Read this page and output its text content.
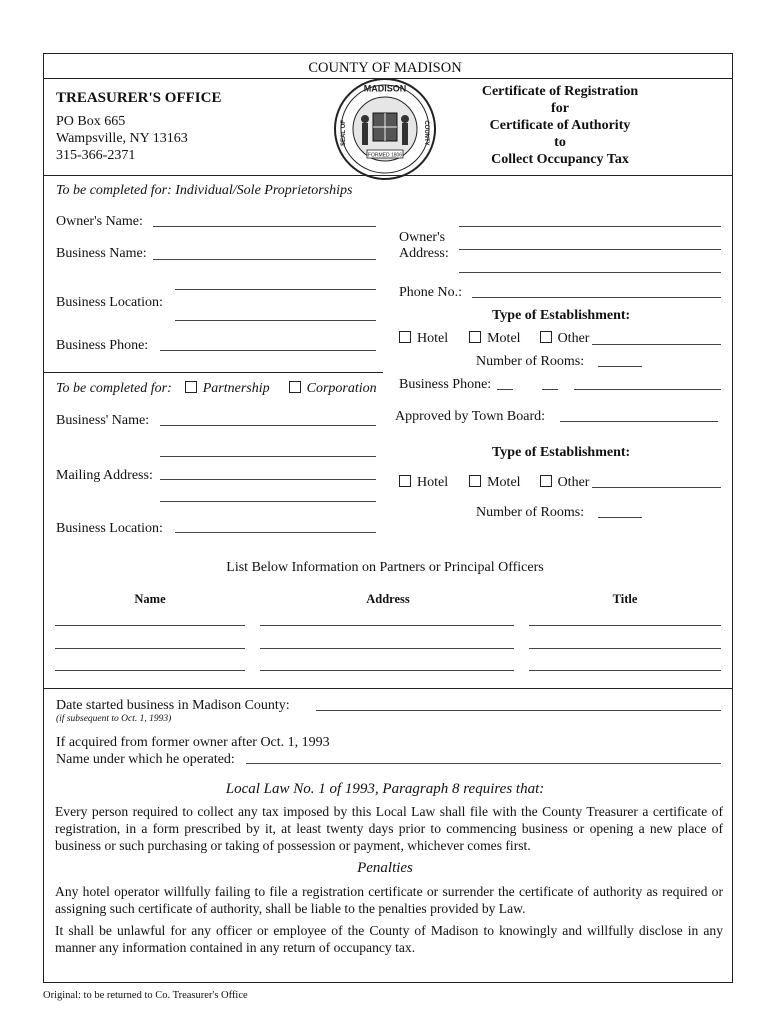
COUNTY OF MADISON
TREASURER'S OFFICE
PO Box 665
Wampsville, NY 13163
315-366-2371
MADISON
SEAL OF	COUNTY
FORMED 1806
Certificate of Registration
for
Certificate of Authority
to
Collect Occupancy Tax
To be completed for: Individual/Sole Proprietorships
Owner's Name:
Business Name:
Business Location:
Business Phone:
Owner's
Address:
Phone No.:
Type of Establishment:
Hotel	Motel	Other
Number of Rooms:
To be completed for: Partnership	Corporation
Business' Name:
Mailing Address:
Business Location:
Business Phone:
Approved by Town Board:
Type of Establishment:
Hotel	Motel	Other
Number of Rooms:
List Below Information on Partners or Principal Officers
Name	Address	Title
Date started business in Madison County:
(if subsequent to Oct. 1, 1993)
If acquired from former owner after Oct. 1, 1993
Name under which he operated:
Local Law No. 1 of 1993, Paragraph 8 requires that:
Every person required to collect any tax imposed by this Local Law shall file with the County Treasurer a certificate of registration, in a form prescribed by it, at least twenty days prior to commencing business or opening a new place of business or such purchasing or taking of possession or payment, whichever comes first.
Penalties
Any hotel operator willfully failing to file a registration certificate or surrender the certificate of authority as required or assigning such certificate of authority, shall be liable to the penalties provided by Law.
It shall be unlawful for any officer or employee of the County of Madison to knowingly and willfully disclose in any manner any information contained in any return of occupancy tax.
Original: to be returned to Co. Treasurer's Office
